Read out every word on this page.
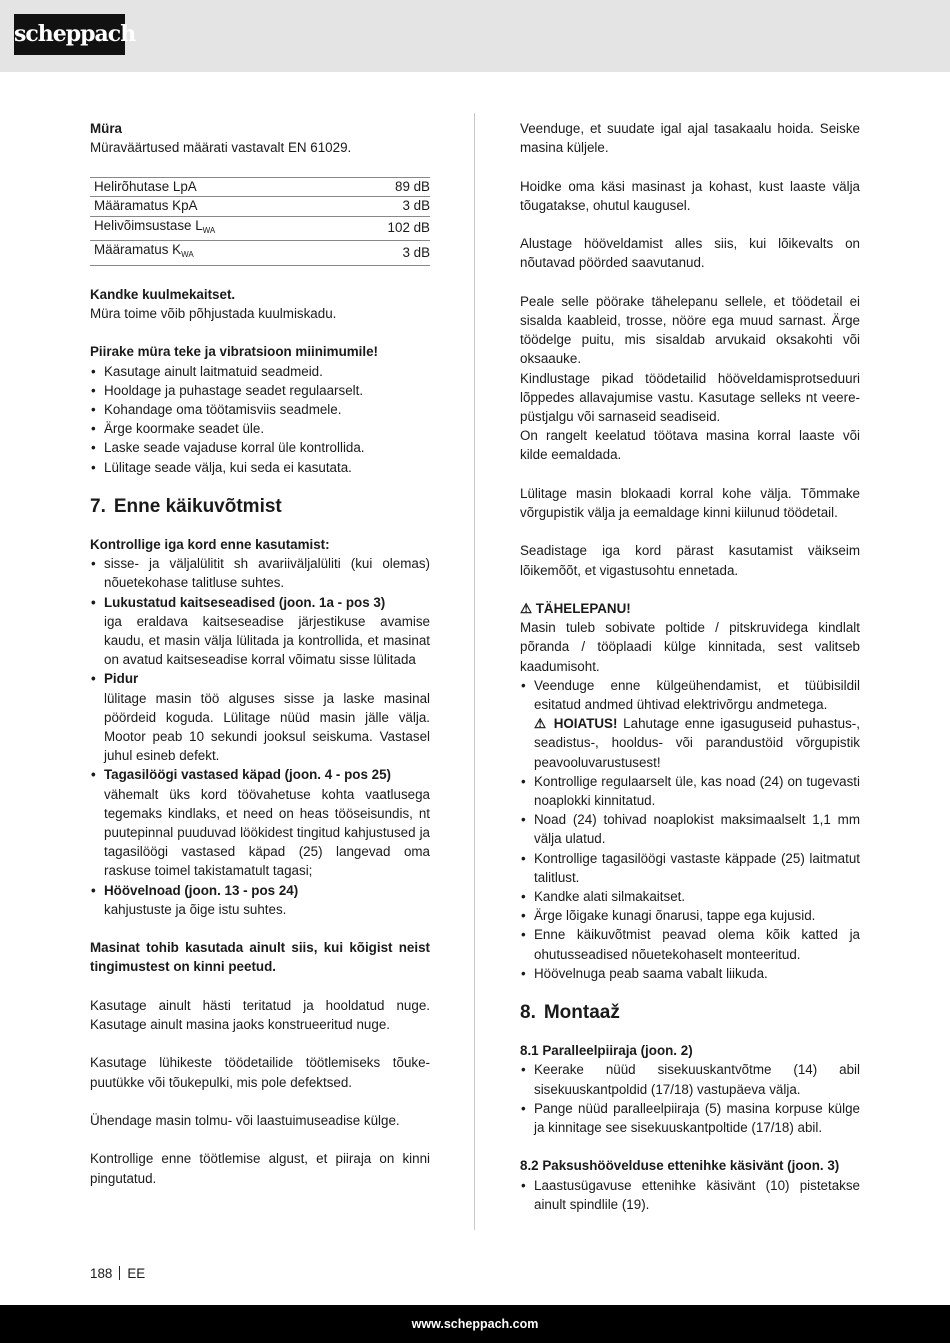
scheppach

Müra

Müraväärtused määrati vastavalt EN 61029.

Helirõhutase LpA	89 dB
Määramatus KpA	3 dB
Helivõimsustase $L_{WA}$	102 dB
Määramatus $K_{WA}$	3 dB

Kandke kuulmekaitset.

Müra toime võib põhjustada kuulmiskadu.

Piirake müra teke ja vibratsioon miinimumile!

• Kasutage ainult laitmatuid seadmeid.
• Hooldage ja puhastage seadet regulaarselt.
• Kohandage oma töötamisviis seadmele.
• Ärge koormake seadet üle.
• Laske seade vajaduse korral üle kontrollida.
• Lülitage seade välja, kui seda ei kasutata.
7. Enne käikuvõtmist

Kontrollige iga kord enne kasutamist:

• sisse- ja väljalülitit sh avariiväljalüliti (kui olemas) nõuetekohase talitluse suhtes.
• Lukustatud kaitseseadised (joon. 1a - pos 3)
iga eraldava kaitseseadise järjestikuse avamise kaudu, et masin välja lülitada ja kontrollida, et masinat on avatud kaitseseadise korral võimatu sisse lülitada
• Pidur
lülitage masin töö alguses sisse ja laske masinal pöördeid koguda. Lülitage nüüd masin jälle välja. Mootor peab 10 sekundi jooksul seiskuma. Vastasel juhul esineb defekt.
• Tagasilöögi vastased käpad (joon. 4 - pos 25)
vähemalt üks kord töövahetuse kohta vaatlusega tegemaks kindlaks, et need on heas tööseisundis, nt puutepinnal puuduvad löökidest tingitud kahjustused ja tagasilöögi vastased käpad (25) langevad oma raskuse toimel takistamatult tagasi;
• Höövelnoad (joon. 13 - pos 24)
kahjustuste ja õige istu suhtes.

Masinat tohib kasutada ainult siis, kui kõigist neist tingimustest on kinni peetud.

Kasutage ainult hästi teritatud ja hooldatud nuge. Kasutage ainult masina jaoks konstrueeritud nuge.

Kasutage lühikeste töödetailide töötlemiseks tõuke-puutükke või tõukepulki, mis pole defektsed.

Ühendage masin tolmu- või laastuimuseadise külge.

Kontrollige enne töötlemise algust, et piiraja on kinni pingutatud.

Veenduge, et suudate igal ajal tasakaalu hoida. Seiske masina küljele.

Hoidke oma käsi masinast ja kohast, kust laaste välja tõugatakse, ohutul kaugusel.

Alustage hööveldamist alles siis, kui lõikevalts on nõutavad pöörded saavutanud.

Peale selle pöörake tähelepanu sellele, et töödetail ei sisalda kaableid, trosse, nööre ega muud sarnast. Ärge töödelge puitu, mis sisaldab arvukaid oksakohti või oksaauke.

Kindlustage pikad töödetailid hööveldamisprotseduuri lõppedes allavajumise vastu. Kasutage selleks nt veere-püstjalgu või sarnaseid seadiseid.

On rangelt keelatud töötava masina korral laaste või kilde eemaldada.

Lülitage masin blokaadi korral kohe välja. Tõmmake võrgupistik välja ja eemaldage kinni kiilunud töödetail.

Seadistage iga kord pärast kasutamist väikseim lõikemõõt, et vigastusohtu ennetada.

⚠ TÄHELEPANU!

Masin tuleb sobivate poltide / pitskruvidega kindlalt põranda / tööplaadi külge kinnitada, sest valitseb kaadumisoht.

• Veenduge enne külgeühendamist, et tüübisildil esitatud andmed ühtivad elektrivõrgu andmetega.
⚠ HOIATUS! Lahutage enne igasuguseid puhastus-, seadistus-, hooldus- või parandustöid võrgupistik peavooluvarustusest!
• Kontrollige regulaarselt üle, kas noad (24) on tugevasti noaplokki kinnitatud.
• Noad (24) tohivad noaplokist maksimaalselt 1,1 mm välja ulatud.
• Kontrollige tagasilöögi vastaste käppade (25) laitmatut talitlust.
• Kandke alati silmakaitset.
• Ärge lõigake kunagi õnarusi, tappe ega kujusid.
• Enne käikuvõtmist peavad olema kõik katted ja ohutusseadised nõuetekohaselt monteeritud.
• Höövelnuga peab saama vabalt liikuda.
8. Montaaž

8.1 Paralleelpiiraja (joon. 2)

• Keerake nüüd sisekuuskantvõtme (14) abil sisekuuskantpoldid (17/18) vastupäeva välja.
• Pange nüüd paralleelpiiraja (5) masina korpuse külge ja kinnitage see sisekuuskantpoltide (17/18) abil.

8.2 Paksushöövelduse ettenihke käsivänt (joon. 3)

• Laastusügavuse ettenihke käsivänt (10) pistetakse ainult spindlile (19).
188 EE
www.scheppach.com
